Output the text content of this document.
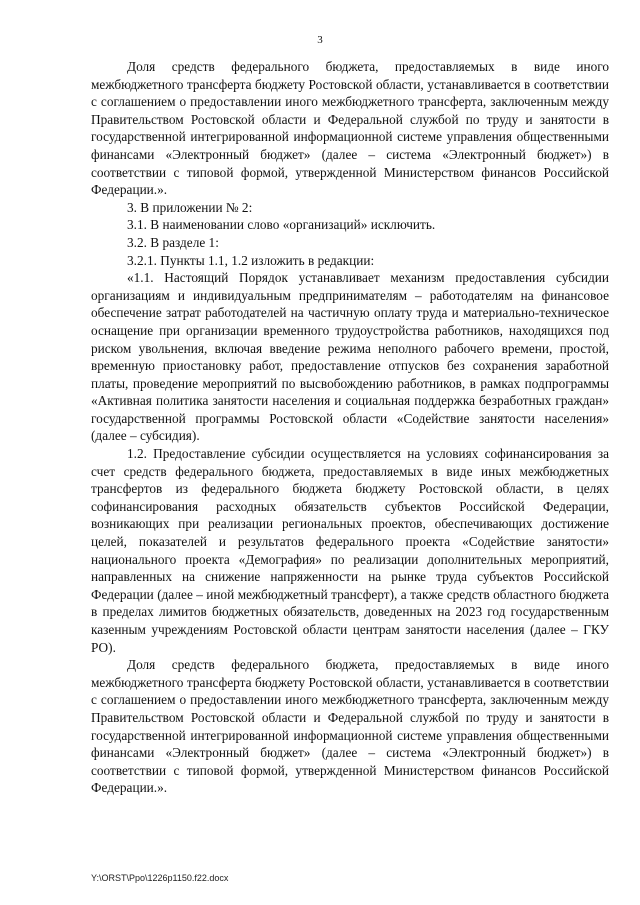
3

Доля средств федерального бюджета, предоставляемых в виде иного межбюджетного трансферта бюджету Ростовской области, устанавливается в соответствии с соглашением о предоставлении иного межбюджетного трансферта, заключенным между Правительством Ростовской области и Федеральной службой по труду и занятости в государственной интегрированной информационной системе управления общественными финансами «Электронный бюджет» (далее – система «Электронный бюджет») в соответствии с типовой формой, утвержденной Министерством финансов Российской Федерации.».

3. В приложении № 2:

3.1. В наименовании слово «организаций» исключить.

3.2. В разделе 1:

3.2.1. Пункты 1.1, 1.2 изложить в редакции:

«1.1. Настоящий Порядок устанавливает механизм предоставления субсидии организациям и индивидуальным предпринимателям – работодателям на финансовое обеспечение затрат работодателей на частичную оплату труда и материально-техническое оснащение при организации временного трудоустройства работников, находящихся под риском увольнения, включая введение режима неполного рабочего времени, простой, временную приостановку работ, предоставление отпусков без сохранения заработной платы, проведение мероприятий по высвобождению работников, в рамках подпрограммы «Активная политика занятости населения и социальная поддержка безработных граждан» государственной программы Ростовской области «Содействие занятости населения» (далее – субсидия).

1.2. Предоставление субсидии осуществляется на условиях софинансирования за счет средств федерального бюджета, предоставляемых в виде иных межбюджетных трансфертов из федерального бюджета бюджету Ростовской области, в целях софинансирования расходных обязательств субъектов Российской Федерации, возникающих при реализации региональных проектов, обеспечивающих достижение целей, показателей и результатов федерального проекта «Содействие занятости» национального проекта «Демография» по реализации дополнительных мероприятий, направленных на снижение напряженности на рынке труда субъектов Российской Федерации (далее – иной межбюджетный трансферт), а также средств областного бюджета в пределах лимитов бюджетных обязательств, доведенных на 2023 год государственным казенным учреждениям Ростовской области центрам занятости населения (далее – ГКУ РО).

Доля средств федерального бюджета, предоставляемых в виде иного межбюджетного трансферта бюджету Ростовской области, устанавливается в соответствии с соглашением о предоставлении иного межбюджетного трансферта, заключенным между Правительством Ростовской области и Федеральной службой по труду и занятости в государственной интегрированной информационной системе управления общественными финансами «Электронный бюджет» (далее – система «Электронный бюджет») в соответствии с типовой формой, утвержденной Министерством финансов Российской Федерации.».

Y:\ORST\Ppo\1226p1150.f22.docx
